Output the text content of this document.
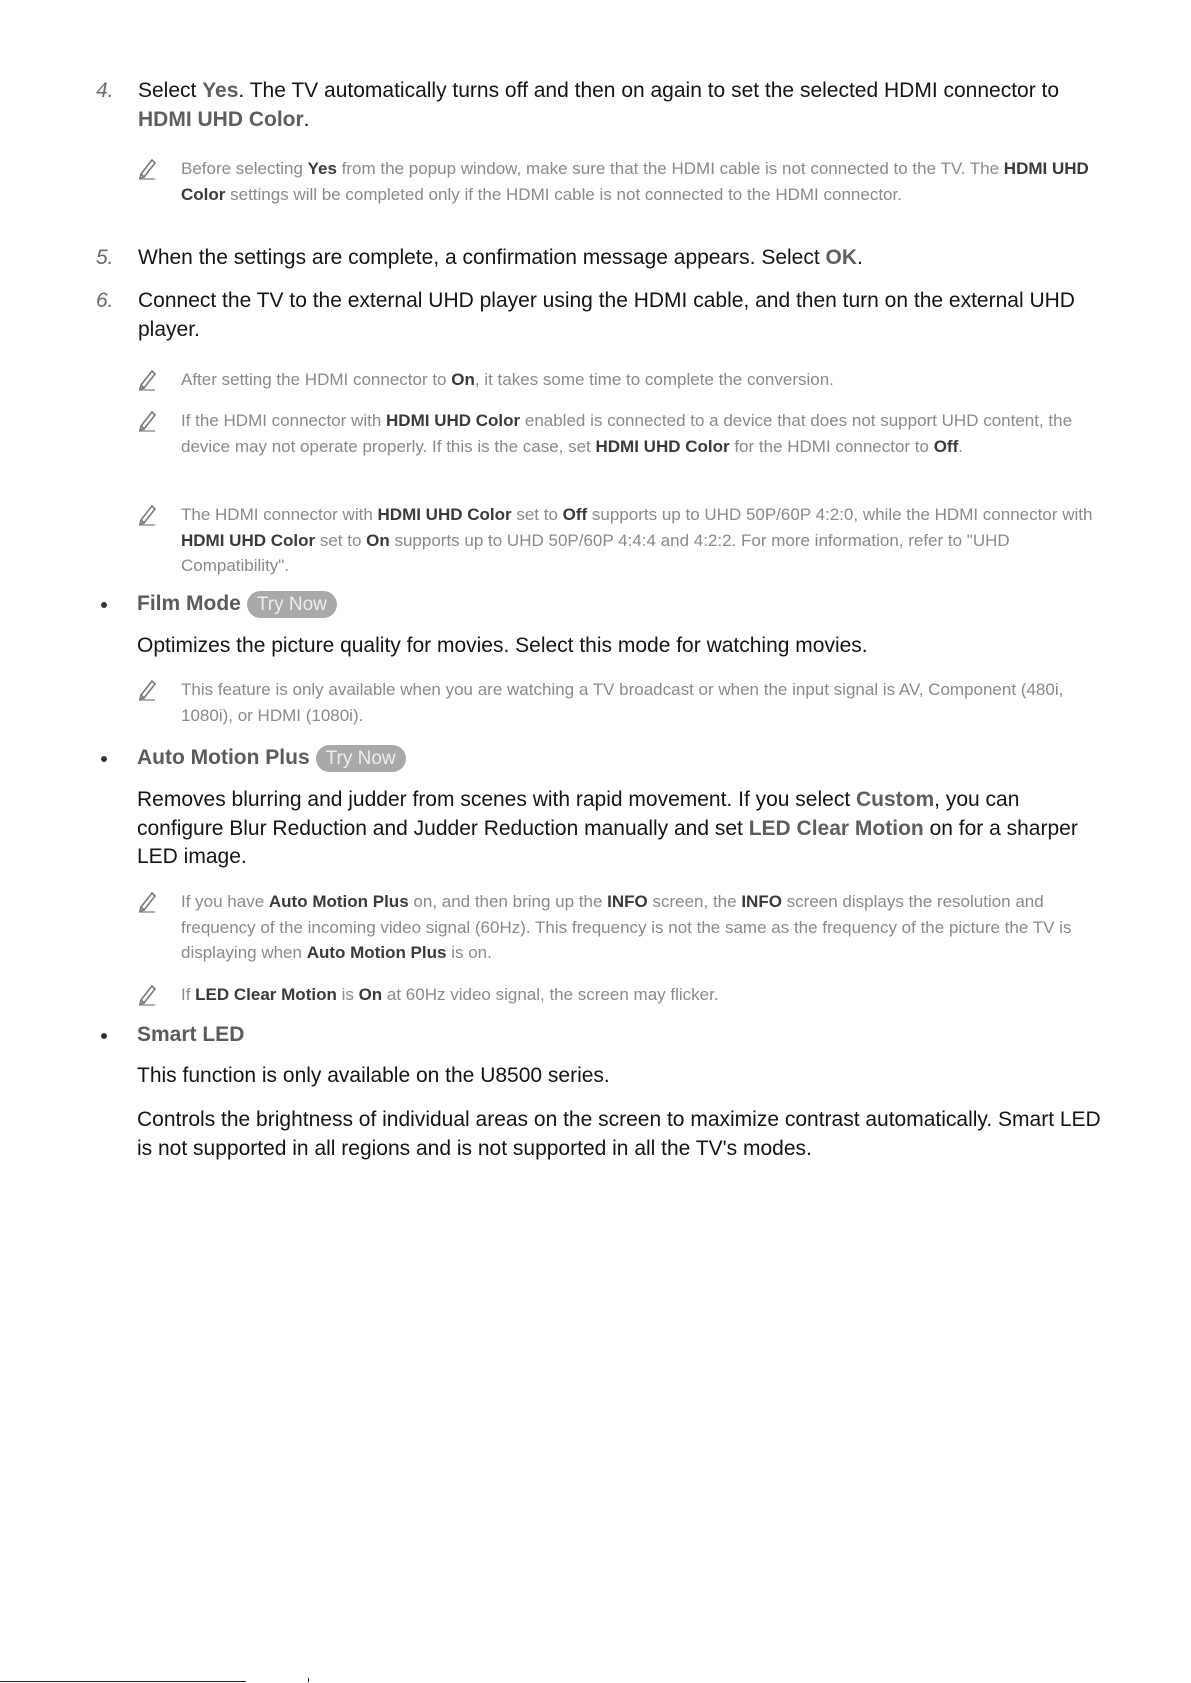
4. Select Yes. The TV automatically turns off and then on again to set the selected HDMI connector to HDMI UHD Color.
Before selecting Yes from the popup window, make sure that the HDMI cable is not connected to the TV. The HDMI UHD Color settings will be completed only if the HDMI cable is not connected to the HDMI connector.
5. When the settings are complete, a confirmation message appears. Select OK.
6. Connect the TV to the external UHD player using the HDMI cable, and then turn on the external UHD player.
After setting the HDMI connector to On, it takes some time to complete the conversion.
If the HDMI connector with HDMI UHD Color enabled is connected to a device that does not support UHD content, the device may not operate properly. If this is the case, set HDMI UHD Color for the HDMI connector to Off.
The HDMI connector with HDMI UHD Color set to Off supports up to UHD 50P/60P 4:2:0, while the HDMI connector with HDMI UHD Color set to On supports up to UHD 50P/60P 4:4:4 and 4:2:2. For more information, refer to "UHD Compatibility".
Film Mode Try Now
Optimizes the picture quality for movies. Select this mode for watching movies.
This feature is only available when you are watching a TV broadcast or when the input signal is AV, Component (480i, 1080i), or HDMI (1080i).
Auto Motion Plus Try Now
Removes blurring and judder from scenes with rapid movement. If you select Custom, you can configure Blur Reduction and Judder Reduction manually and set LED Clear Motion on for a sharper LED image.
If you have Auto Motion Plus on, and then bring up the INFO screen, the INFO screen displays the resolution and frequency of the incoming video signal (60Hz). This frequency is not the same as the frequency of the picture the TV is displaying when Auto Motion Plus is on.
If LED Clear Motion is On at 60Hz video signal, the screen may flicker.
Smart LED
This function is only available on the U8500 series.
Controls the brightness of individual areas on the screen to maximize contrast automatically. Smart LED is not supported in all regions and is not supported in all the TV's modes.
